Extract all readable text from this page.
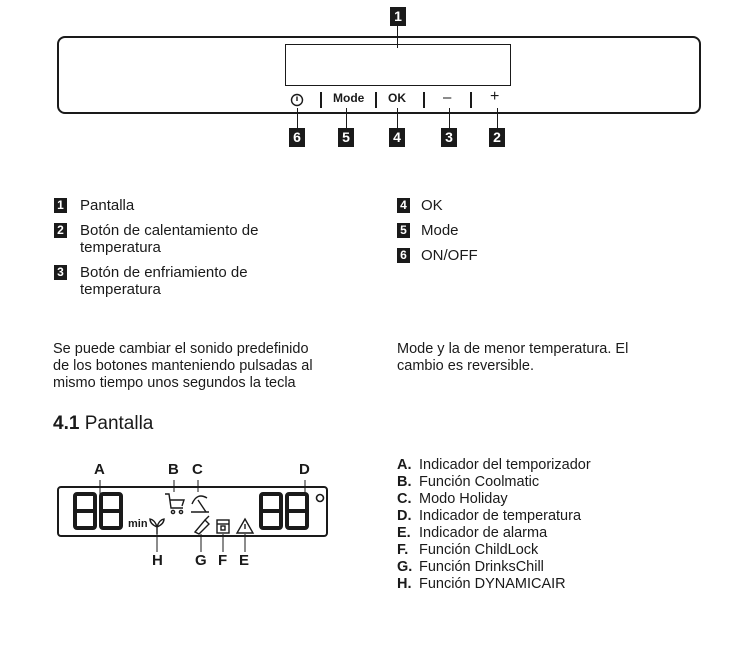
1
Mode OK – +
6	5	4	3	2
1 Pantalla
2 Botón de calentamiento de
temperatura
3 Botón de enfriamiento de
temperatura
4 OK
5 Mode
6 ON/OFF
Se puede cambiar el sonido predefinido
de los botones manteniendo pulsadas al
mismo tiempo unos segundos la tecla
Mode y la de menor temperatura. El
cambio es reversible.
4.1 Pantalla
A	B C	D
min
H G F E
A. Indicador del temporizador
B. Función Coolmatic
C. Modo Holiday
D. Indicador de temperatura
E. Indicador de alarma
F. Función ChildLock
G. Función DrinksChill
H. Función DYNAMICAIR
